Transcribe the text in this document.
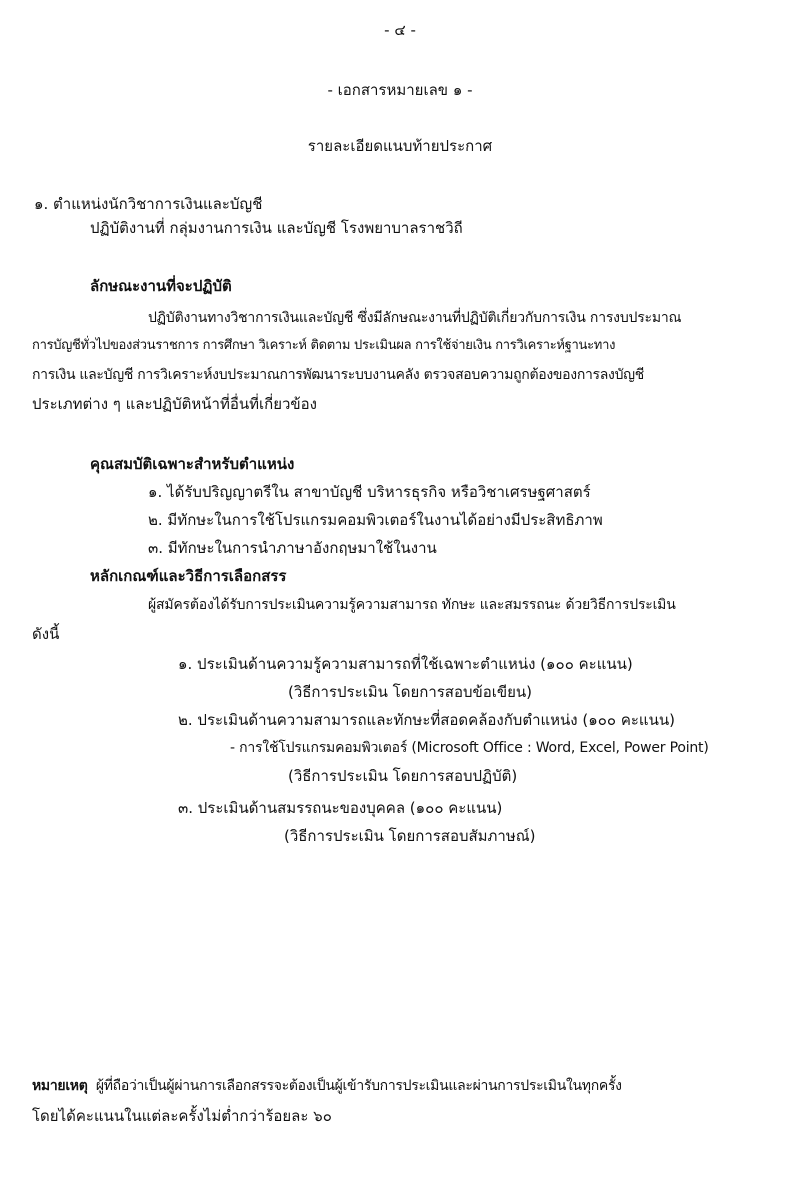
- ๔ -
- เอกสารหมายเลข ๑ -
รายละเอียดแนบท้ายประกาศ
๑. ตำแหน่งนักวิชาการเงินและบัญชี
ปฏิบัติงานที่ กลุ่มงานการเงิน และบัญชี โรงพยาบาลราชวิถี
ลักษณะงานที่จะปฏิบัติ
ปฏิบัติงานทางวิชาการเงินและบัญชี ซึ่งมีลักษณะงานที่ปฏิบัติเกี่ยวกับการเงิน การงบประมาณ
การบัญชีทั่วไปของส่วนราชการ การศึกษา วิเคราะห์ ติดตาม ประเมินผล การใช้จ่ายเงิน การวิเคราะห์ฐานะทาง
การเงิน และบัญชี การวิเคราะห์งบประมาณการพัฒนาระบบงานคลัง ตรวจสอบความถูกต้องของการลงบัญชี
ประเภทต่าง ๆ และปฏิบัติหน้าที่อื่นที่เกี่ยวข้อง
คุณสมบัติเฉพาะสำหรับตำแหน่ง
๑. ได้รับปริญญาตรีใน สาขาบัญชี บริหารธุรกิจ หรือวิชาเศรษฐศาสตร์
๒. มีทักษะในการใช้โปรแกรมคอมพิวเตอร์ในงานได้อย่างมีประสิทธิภาพ
๓. มีทักษะในการนำภาษาอังกฤษมาใช้ในงาน
หลักเกณฑ์และวิธีการเลือกสรร
ผู้สมัครต้องได้รับการประเมินความรู้ความสามารถ ทักษะ และสมรรถนะ ด้วยวิธีการประเมิน
ดังนี้
๑. ประเมินด้านความรู้ความสามารถที่ใช้เฉพาะตำแหน่ง (๑๐๐ คะแนน)
(วิธีการประเมิน โดยการสอบข้อเขียน)
๒. ประเมินด้านความสามารถและทักษะที่สอดคล้องกับตำแหน่ง (๑๐๐ คะแนน)
- การใช้โปรแกรมคอมพิวเตอร์ (Microsoft Office : Word, Excel, Power Point)
(วิธีการประเมิน โดยการสอบปฏิบัติ)
๓. ประเมินด้านสมรรถนะของบุคคล (๑๐๐ คะแนน)
(วิธีการประเมิน โดยการสอบสัมภาษณ์)
หมายเหตุ ผู้ที่ถือว่าเป็นผู้ผ่านการเลือกสรรจะต้องเป็นผู้เข้ารับการประเมินและผ่านการประเมินในทุกครั้ง
โดยได้คะแนนในแต่ละครั้งไม่ต่ำกว่าร้อยละ ๖๐
